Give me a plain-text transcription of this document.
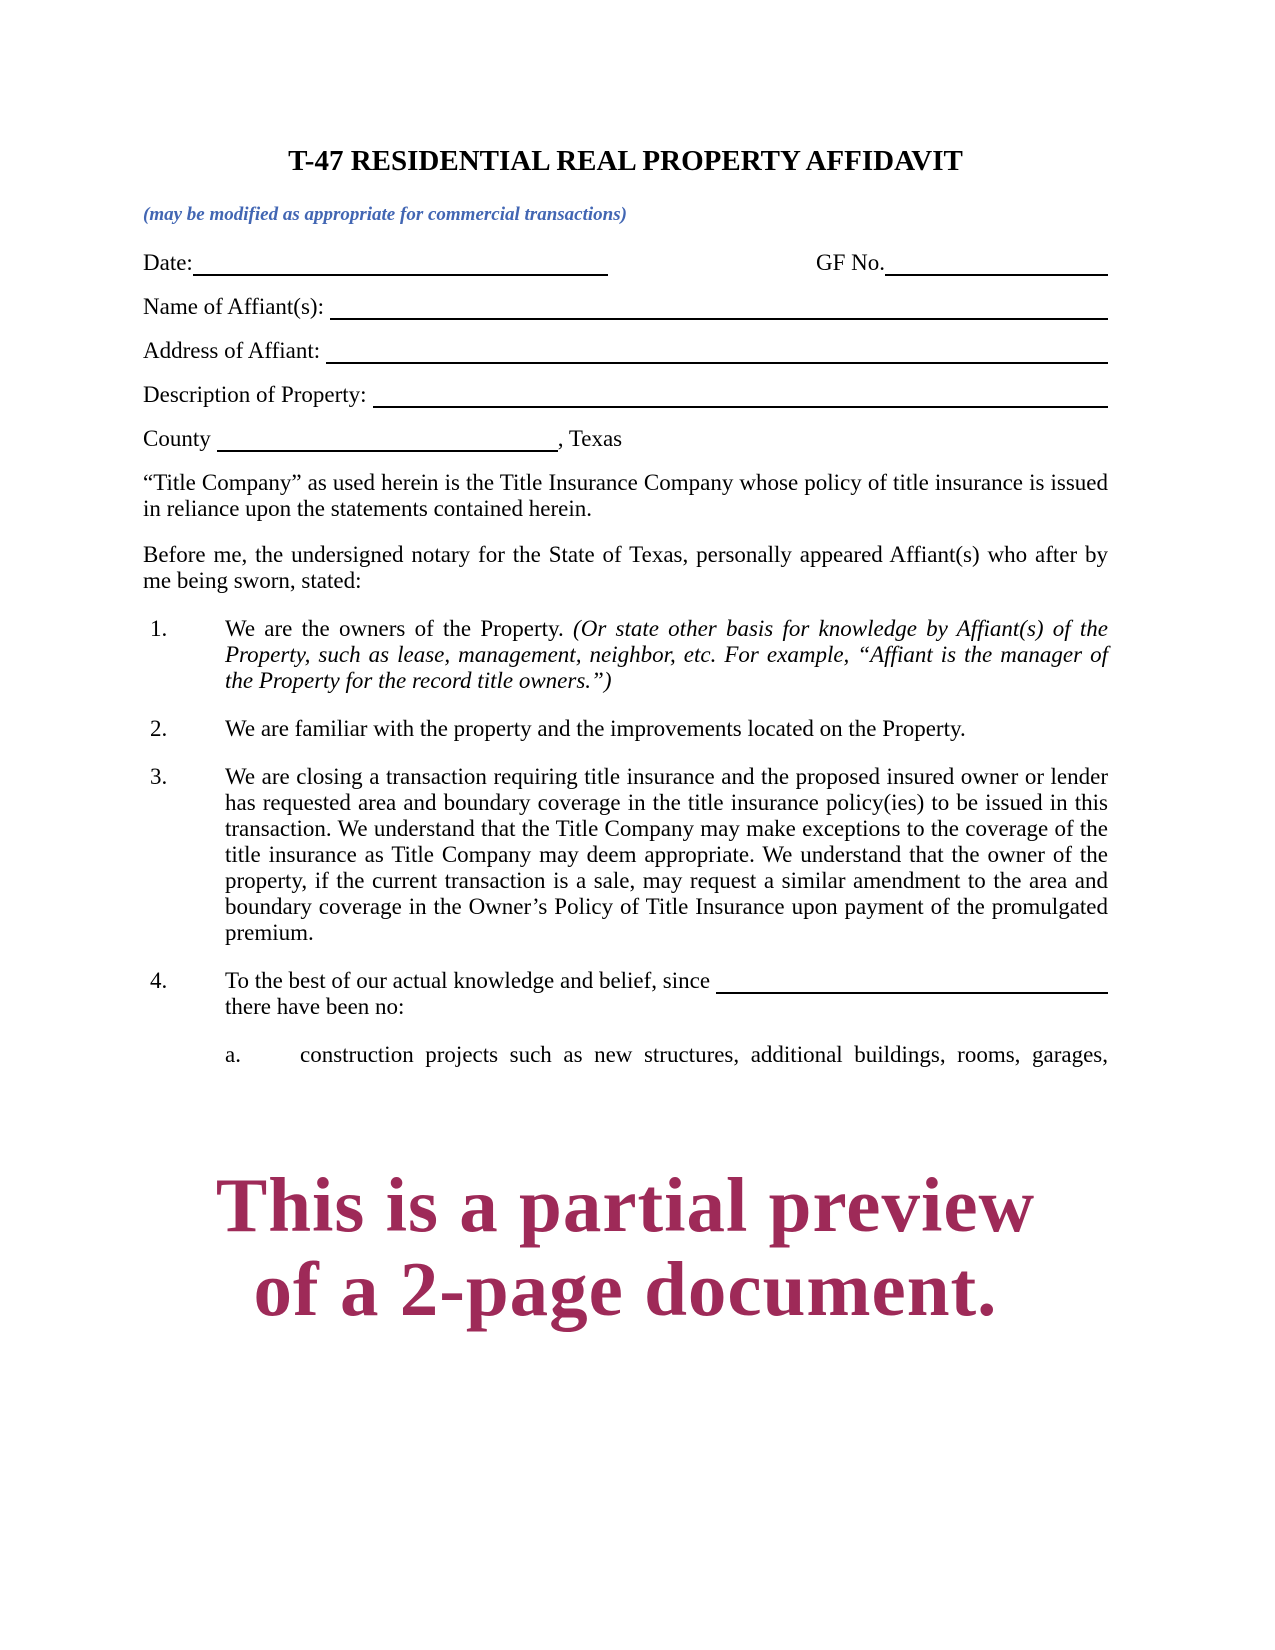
T-47 RESIDENTIAL REAL PROPERTY AFFIDAVIT
(may be modified as appropriate for commercial transactions)
Date:	GF No.
Name of Affiant(s):
Address of Affiant:
Description of Property:
County	, Texas
“Title Company” as used herein is the Title Insurance Company whose policy of title insurance is issued in reliance upon the statements contained herein.
Before me, the undersigned notary for the State of Texas, personally appeared Affiant(s) who after by me being sworn, stated:
1.	We are the owners of the Property. (Or state other basis for knowledge by Affiant(s) of the Property, such as lease, management, neighbor, etc. For example, “Affiant is the manager of the Property for the record title owners.”)
2.	We are familiar with the property and the improvements located on the Property.
3.	We are closing a transaction requiring title insurance and the proposed insured owner or lender has requested area and boundary coverage in the title insurance policy(ies) to be issued in this transaction. We understand that the Title Company may make exceptions to the coverage of the title insurance as Title Company may deem appropriate. We understand that the owner of the property, if the current transaction is a sale, may request a similar amendment to the area and boundary coverage in the Owner’s Policy of Title Insurance upon payment of the promulgated premium.
4.	To the best of our actual knowledge and belief, since
there have been no:
a.	construction projects such as new structures, additional buildings, rooms, garages,
This is a partial preview
of a 2-page document.
